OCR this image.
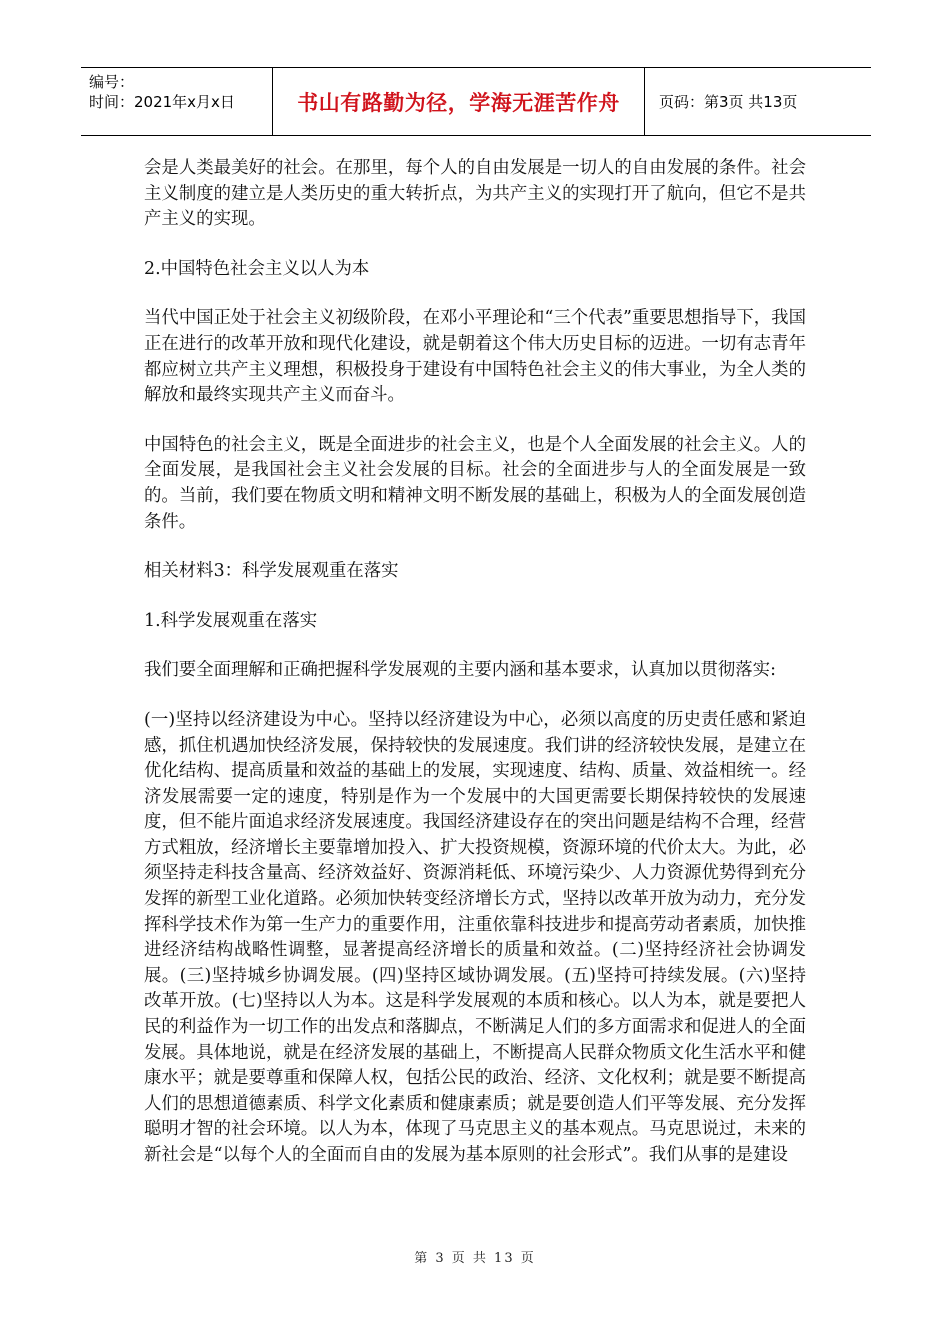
编号：
时间：2021年x月x日	书山有路勤为径，学海无涯苦作舟	页码：第3页 共13页

会是人类最美好的社会。在那里，每个人的自由发展是一切人的自由发展的条件。社会主义制度的建立是人类历史的重大转折点，为共产主义的实现打开了航向，但它不是共产主义的实现。

2.中国特色社会主义以人为本

当代中国正处于社会主义初级阶段，在邓小平理论和“三个代表”重要思想指导下，我国正在进行的改革开放和现代化建设，就是朝着这个伟大历史目标的迈进。一切有志青年都应树立共产主义理想，积极投身于建设有中国特色社会主义的伟大事业，为全人类的解放和最终实现共产主义而奋斗。

中国特色的社会主义，既是全面进步的社会主义，也是个人全面发展的社会主义。人的全面发展，是我国社会主义社会发展的目标。社会的全面进步与人的全面发展是一致的。当前，我们要在物质文明和精神文明不断发展的基础上，积极为人的全面发展创造条件。

相关材料3：科学发展观重在落实

1.科学发展观重在落实

我们要全面理解和正确把握科学发展观的主要内涵和基本要求，认真加以贯彻落实:

(一)坚持以经济建设为中心。坚持以经济建设为中心，必须以高度的历史责任感和紧迫感，抓住机遇加快经济发展，保持较快的发展速度。我们讲的经济较快发展，是建立在优化结构、提高质量和效益的基础上的发展，实现速度、结构、质量、效益相统一。经济发展需要一定的速度，特别是作为一个发展中的大国更需要长期保持较快的发展速度，但不能片面追求经济发展速度。我国经济建设存在的突出问题是结构不合理，经营方式粗放，经济增长主要靠增加投入、扩大投资规模，资源环境的代价太大。为此，必须坚持走科技含量高、经济效益好、资源消耗低、环境污染少、人力资源优势得到充分发挥的新型工业化道路。必须加快转变经济增长方式，坚持以改革开放为动力，充分发挥科学技术作为第一生产力的重要作用，注重依靠科技进步和提高劳动者素质，加快推进经济结构战略性调整，显著提高经济增长的质量和效益。(二)坚持经济社会协调发展。(三)坚持城乡协调发展。(四)坚持区域协调发展。(五)坚持可持续发展。(六)坚持改革开放。(七)坚持以人为本。这是科学发展观的本质和核心。以人为本，就是要把人民的利益作为一切工作的出发点和落脚点，不断满足人们的多方面需求和促进人的全面发展。具体地说，就是在经济发展的基础上，不断提高人民群众物质文化生活水平和健康水平；就是要尊重和保障人权，包括公民的政治、经济、文化权利；就是要不断提高人们的思想道德素质、科学文化素质和健康素质；就是要创造人们平等发展、充分发挥聪明才智的社会环境。以人为本，体现了马克思主义的基本观点。马克思说过，未来的新社会是“以每个人的全面而自由的发展为基本原则的社会形式”。我们从事的是建设

第 3 页 共 13 页
